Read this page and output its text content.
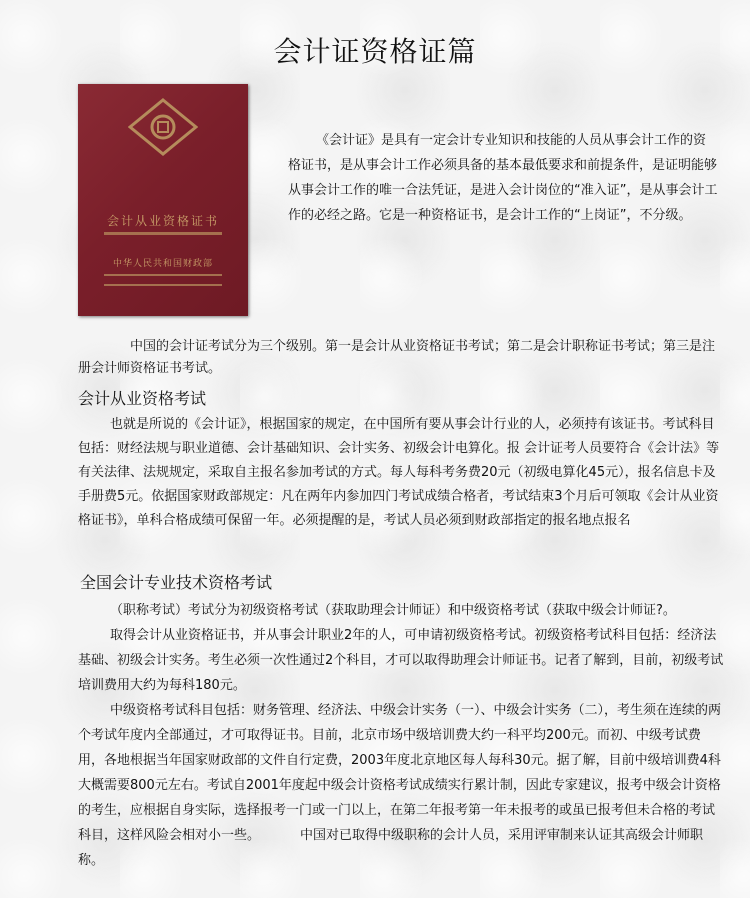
会计证资格证篇
会计从业资格证书
中华人民共和国财政部
《会计证》是具有一定会计专业知识和技能的人员从事会计工作的资格证书，是从事会计工作必须具备的基本最低要求和前提条件，是证明能够从事会计工作的唯一合法凭证，是进入会计岗位的“准入证”，是从事会计工作的必经之路。它是一种资格证书，是会计工作的“上岗证”，不分级。
中国的会计证考试分为三个级别。第一是会计从业资格证书考试；第二是会计职称证书考试；第三是注册会计师资格证书考试。
会计从业资格考试
也就是所说的《会计证》，根据国家的规定，在中国所有要从事会计行业的人，必须持有该证书。考试科目包括：财经法规与职业道德、会计基础知识、会计实务、初级会计电算化。报 会计证考人员要符合《会计法》等有关法律、法规规定，采取自主报名参加考试的方式。每人每科考务费20元（初级电算化45元），报名信息卡及手册费5元。依据国家财政部规定：凡在两年内参加四门考试成绩合格者，考试结束3个月后可领取《会计从业资格证书》，单科合格成绩可保留一年。必须提醒的是，考试人员必须到财政部指定的报名地点报名
全国会计专业技术资格考试
（职称考试）考试分为初级资格考试（获取助理会计师证）和中级资格考试（获取中级会计师证?。
取得会计从业资格证书，并从事会计职业2年的人，可申请初级资格考试。初级资格考试科目包括：经济法基础、初级会计实务。考生必须一次性通过2个科目，才可以取得助理会计师证书。记者了解到，目前，初级考试培训费用大约为每科180元。
中级资格考试科目包括：财务管理、经济法、中级会计实务（一）、中级会计实务（二），考生须在连续的两个考试年度内全部通过，才可取得证书。目前，北京市场中级培训费大约一科平均200元。而初、中级考试费用，各地根据当年国家财政部的文件自行定费，2003年度北京地区每人每科30元。据了解，目前中级培训费4科大概需要800元左右。考试自2001年度起中级会计资格考试成绩实行累计制，因此专家建议，报考中级会计资格的考生，应根据自身实际，选择报考一门或一门以上，在第二年报考第一年未报考的或虽已报考但未合格的考试科目，这样风险会相对小一些。	中国对已取得中级职称的会计人员，采用评审制来认证其高级会计师职称。
